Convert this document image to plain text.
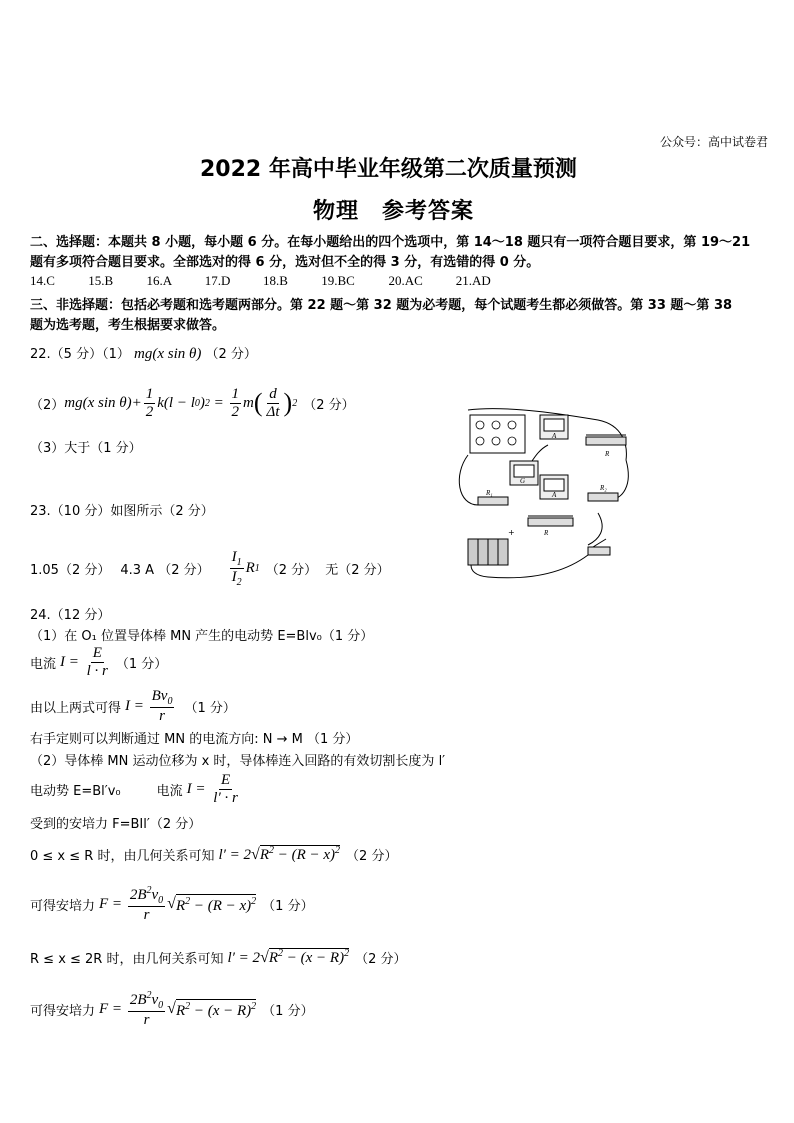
公众号：高中试卷君
2022 年高中毕业年级第二次质量预测
物理　参考答案
二、选择题：本题共 8 小题，每小题 6 分。在每小题给出的四个选项中，第 14～18 题只有一项符合题目要求，第 19～21
题有多项符合题目要求。全部选对的得 6 分，选对但不全的得 3 分，有选错的得 0 分。
14.C	15.B	16.A	17.D	18.B	19.BC	20.AC	21.AD
三、非选择题：包括必考题和选考题两部分。第 22 题～第 32 题为必考题，每个试题考生都必须做答。第 33 题～第 38
题为选考题，考生根据要求做答。
22.（5 分）（1） mg(x sin θ) （2 分）
（2） mg(x $\sin \theta)+ \frac{1}{2} k(l - l$ 0 ) $2 = \frac{1}{2}$ m ( $\frac{d}{\Delta t}$ ) 2 （2 分）
（3）大于（1 分）
23.（10 分）如图所示（2 分）
1.05（2 分） 4.3 A （2 分） $\frac{I_1}{I_2}$ R 1 （2 分） 无（2 分）
24.（12 分）
（1）在 O₁ 位置导体棒 MN 产生的电动势 E=Blv₀（1 分）
电流 $I = \frac{E}{l \cdot r} (1$ 分）
由以上两式可得 $I = \frac{Bv_0}{r} (1$ 分）
右手定则可以判断通过 MN 的电流方向: N → M （1 分）
（2）导体棒 MN 运动位移为 x 时，导体棒连入回路的有效切割长度为 l′
电动势 E=Bl′v₀	电流 $I = \frac{E}{l' \cdot r}$
受到的安培力 F=BIl′（2 分）
0 ≤ x ≤ R 时，由几何关系可知 $l' = 2√R^2 - (R - x)^2$ （2 分）
可得安培力 $F = \frac{2B^2v_0}{r}$ √ $R^2 - (R - x)^2$ （1 分）
R ≤ x ≤ 2R 时，由几何关系可知 $l' = 2√R^2 - (x - R)^2$ （2 分）
可得安培力 $F = \frac{2B^2v_0}{r}$ √ $R^2 - (x - R)^2$ （1 分）
A
R
G
A
R₁
R₂
R
+
